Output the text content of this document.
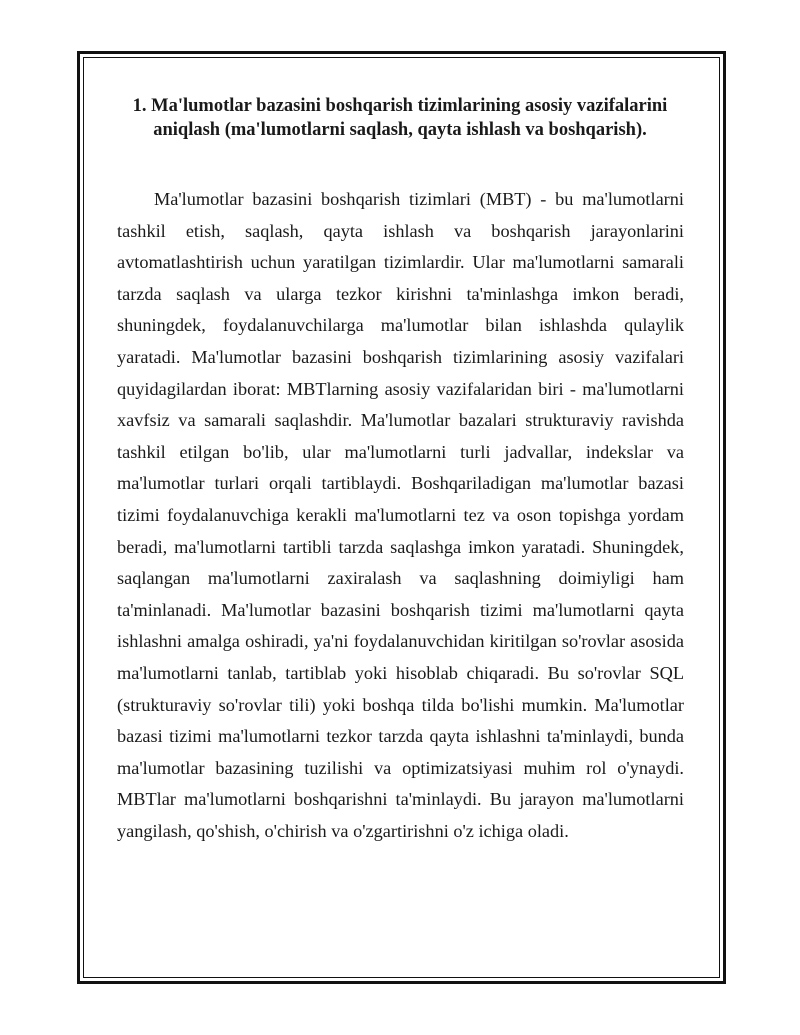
1. Ma'lumotlar bazasini boshqarish tizimlarining asosiy vazifalarini
aniqlash (ma'lumotlarni saqlash, qayta ishlash va boshqarish).

Ma'lumotlar bazasini boshqarish tizimlari (MBT) - bu ma'lumotlarni tashkil etish, saqlash, qayta ishlash va boshqarish jarayonlarini avtomatlashtirish uchun yaratilgan tizimlardir. Ular ma'lumotlarni samarali tarzda saqlash va ularga tezkor kirishni ta'minlashga imkon beradi, shuningdek, foydalanuvchilarga ma'lumotlar bilan ishlashda qulaylik yaratadi. Ma'lumotlar bazasini boshqarish tizimlarining asosiy vazifalari quyidagilardan iborat: MBTlarning asosiy vazifalaridan biri - ma'lumotlarni xavfsiz va samarali saqlashdir. Ma'lumotlar bazalari strukturaviy ravishda tashkil etilgan bo'lib, ular ma'lumotlarni turli jadvallar, indekslar va ma'lumotlar turlari orqali tartiblaydi. Boshqariladigan ma'lumotlar bazasi tizimi foydalanuvchiga kerakli ma'lumotlarni tez va oson topishga yordam beradi, ma'lumotlarni tartibli tarzda saqlashga imkon yaratadi. Shuningdek, saqlangan ma'lumotlarni zaxiralash va saqlashning doimiyligi ham ta'minlanadi. Ma'lumotlar bazasini boshqarish tizimi ma'lumotlarni qayta ishlashni amalga oshiradi, ya'ni foydalanuvchidan kiritilgan so'rovlar asosida ma'lumotlarni tanlab, tartiblab yoki hisoblab chiqaradi. Bu so'rovlar SQL (strukturaviy so'rovlar tili) yoki boshqa tilda bo'lishi mumkin. Ma'lumotlar bazasi tizimi ma'lumotlarni tezkor tarzda qayta ishlashni ta'minlaydi, bunda ma'lumotlar bazasining tuzilishi va optimizatsiyasi muhim rol o'ynaydi. MBTlar ma'lumotlarni boshqarishni ta'minlaydi. Bu jarayon ma'lumotlarni yangilash, qo'shish, o'chirish va o'zgartirishni o'z ichiga oladi.
